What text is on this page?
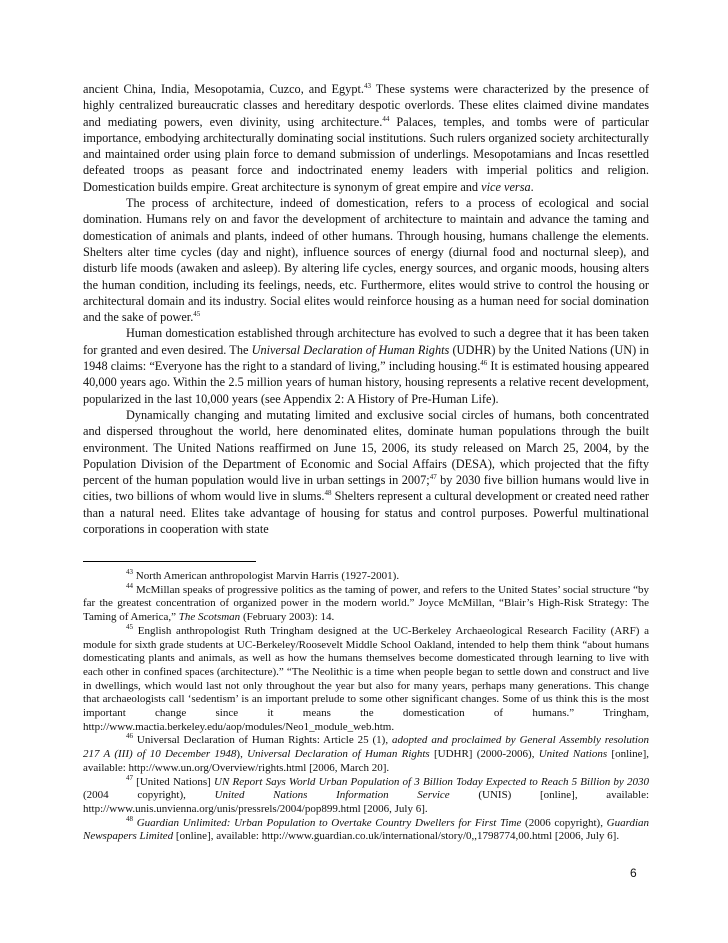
ancient China, India, Mesopotamia, Cuzco, and Egypt.$^{43}$ These systems were characterized by the presence of highly centralized bureaucratic classes and hereditary despotic overlords. These elites claimed divine mandates and mediating powers, even divinity, using architecture.$^{44}$ Palaces, temples, and tombs were of particular importance, embodying architecturally dominating social institutions. Such rulers organized society architecturally and maintained order using plain force to demand submission of underlings. Mesopotamians and Incas resettled defeated troops as peasant force and indoctrinated enemy leaders with imperial politics and religion. Domestication builds empire. Great architecture is synonym of great empire and vice versa.

The process of architecture, indeed of domestication, refers to a process of ecological and social domination. Humans rely on and favor the development of architecture to maintain and advance the taming and domestication of animals and plants, indeed of other humans. Through housing, humans challenge the elements. Shelters alter time cycles (day and night), influence sources of energy (diurnal food and nocturnal sleep), and disturb life moods (awaken and asleep). By altering life cycles, energy sources, and organic moods, housing alters the human condition, including its feelings, needs, etc. Furthermore, elites would strive to control the housing or architectural domain and its industry. Social elites would reinforce housing as a human need for social domination and the sake of power.$^{45}$

Human domestication established through architecture has evolved to such a degree that it has been taken for granted and even desired. The Universal Declaration of Human Rights (UDHR) by the United Nations (UN) in 1948 claims: “Everyone has the right to a standard of living,” including housing.$^{46}$ It is estimated housing appeared 40,000 years ago. Within the 2.5 million years of human history, housing represents a relative recent development, popularized in the last 10,000 years (see Appendix 2: A History of Pre-Human Life).

Dynamically changing and mutating limited and exclusive social circles of humans, both concentrated and dispersed throughout the world, here denominated elites, dominate human populations through the built environment. The United Nations reaffirmed on June 15, 2006, its study released on March 25, 2004, by the Population Division of the Department of Economic and Social Affairs (DESA), which projected that the fifty percent of the human population would live in urban settings in 2007;$^{47}$ by 2030 five billion humans would live in cities, two billions of whom would live in slums.$^{48}$ Shelters represent a cultural development or created need rather than a natural need. Elites take advantage of housing for status and control purposes. Powerful multinational corporations in cooperation with state

$^{43}$ North American anthropologist Marvin Harris (1927-2001).

$^{44}$ McMillan speaks of progressive politics as the taming of power, and refers to the United States’ social structure “by far the greatest concentration of organized power in the modern world.” Joyce McMillan, “Blair’s High-Risk Strategy: The Taming of America,” The Scotsman (February 2003): 14.

$^{45}$ English anthropologist Ruth Tringham designed at the UC-Berkeley Archaeological Research Facility (ARF) a module for sixth grade students at UC-Berkeley/Roosevelt Middle School Oakland, intended to help them think “about humans domesticating plants and animals, as well as how the humans themselves become domesticated through learning to live with each other in confined spaces (architecture).” “The Neolithic is a time when people began to settle down and construct and live in dwellings, which would last not only throughout the year but also for many years, perhaps many generations. This change that archaeologists call ‘sedentism’ is an important prelude to some other significant changes. Some of us think this is the most important change since it means the domestication of humans.” Tringham, http://www.mactia.berkeley.edu/aop/modules/Neo1_module_web.htm.

$^{46}$ Universal Declaration of Human Rights: Article 25 (1), adopted and proclaimed by General Assembly resolution 217 A (III) of 10 December 1948), Universal Declaration of Human Rights [UDHR] (2000-2006), United Nations [online], available: http://www.un.org/Overview/rights.html [2006, March 20].

$^{47}$ [United Nations] UN Report Says World Urban Population of 3 Billion Today Expected to Reach 5 Billion by 2030 (2004 copyright), United Nations Information Service (UNIS) [online], available: http://www.unis.unvienna.org/unis/pressrels/2004/pop899.html [2006, July 6].

$^{48}$ Guardian Unlimited: Urban Population to Overtake Country Dwellers for First Time (2006 copyright), Guardian Newspapers Limited [online], available: http://www.guardian.co.uk/international/story/0,,1798774,00.html [2006, July 6].

6
